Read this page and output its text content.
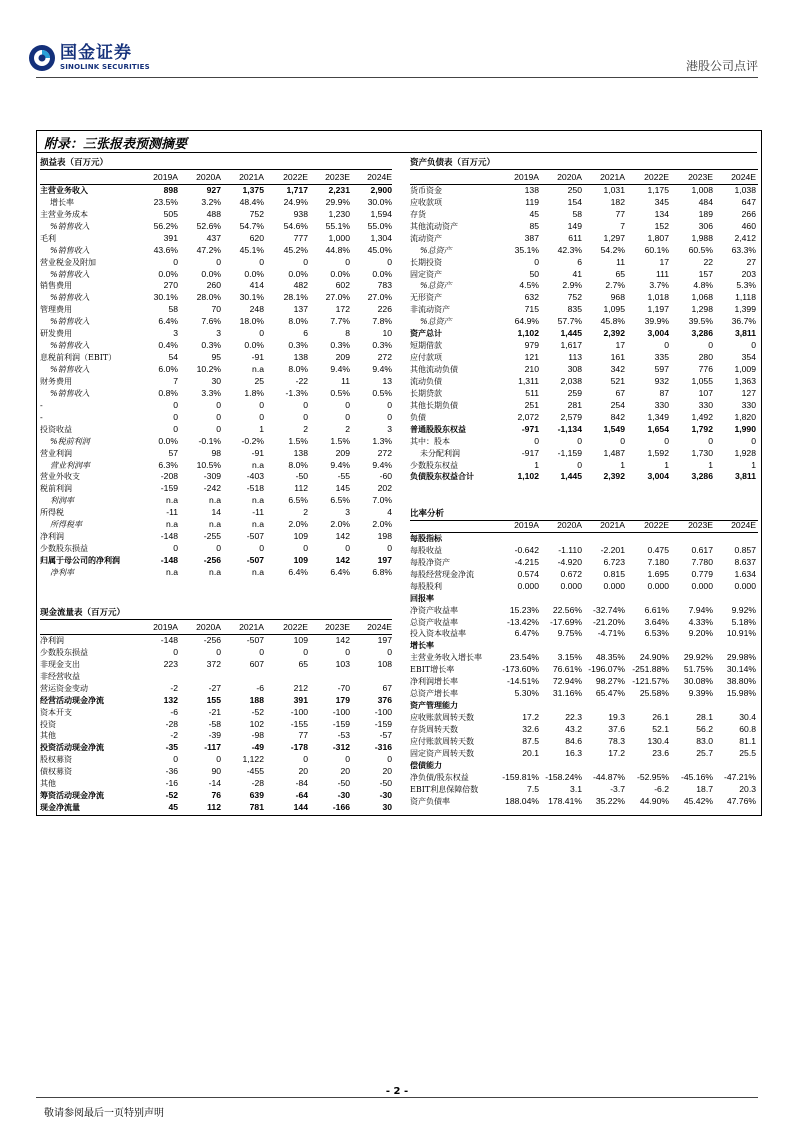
国金证券
SINOLINK SECURITIES	港股公司点评
附录：三张报表预测摘要
损益表（百万元）	资产负债表（百万元）
现金流量表（百万元）
比率分析
2019A	2020A	2021A	2022E	2023E	2024E
主营业务收入	898	927	1,375	1,717	2,231	2,900
增长率	23.5%	3.2%	48.4%	24.9%	29.9%	30.0%
主营业务成本	505	488	752	938	1,230	1,594
%销售收入	56.2%	52.6%	54.7%	54.6%	55.1%	55.0%
毛利	391	437	620	777	1,000	1,304
%销售收入	43.6%	47.2%	45.1%	45.2%	44.8%	45.0%
营业税金及附加	0	0	0	0	0	0
%销售收入	0.0%	0.0%	0.0%	0.0%	0.0%	0.0%
销售费用	270	260	414	482	602	783
%销售收入	30.1%	28.0%	30.1%	28.1%	27.0%	27.0%
管理费用	58	70	248	137	172	226
%销售收入	6.4%	7.6%	18.0%	8.0%	7.7%	7.8%
研发费用	3	3	0	6	8	10
%销售收入	0.4%	0.3%	0.0%	0.3%	0.3%	0.3%
息税前利润（EBIT）	54	95	-91	138	209	272
%销售收入	6.0%	10.2%	n.a	8.0%	9.4%	9.4%
财务费用	7	30	25	-22	11	13
%销售收入	0.8%	3.3%	1.8%	-1.3%	0.5%	0.5%
-	0	0	0	0	0	0
-	0	0	0	0	0	0
投资收益	0	0	1	2	2	3
%税前利润	0.0%	-0.1%	-0.2%	1.5%	1.5%	1.3%
营业利润	57	98	-91	138	209	272
营业利润率	6.3%	10.5%	n.a	8.0%	9.4%	9.4%
营业外收支	-208	-309	-403	-50	-55	-60
税前利润	-159	-242	-518	112	145	202
利润率	n.a	n.a	n.a	6.5%	6.5%	7.0%
所得税	-11	14	-11	2	3	4
所得税率	n.a	n.a	n.a	2.0%	2.0%	2.0%
净利润	-148	-255	-507	109	142	198
少数股东损益	0	0	0	0	0	0
归属于母公司的净利润	-148	-256	-507	109	142	197
净利率	n.a	n.a	n.a	6.4%	6.4%	6.8%
2019A	2020A	2021A	2022E	2023E	2024E
货币资金	138	250	1,031	1,175	1,008	1,038
应收款项	119	154	182	345	484	647
存货	45	58	77	134	189	266
其他流动资产	85	149	7	152	306	460
流动资产	387	611	1,297	1,807	1,988	2,412
%总资产	35.1%	42.3%	54.2%	60.1%	60.5%	63.3%
长期投资	0	6	11	17	22	27
固定资产	50	41	65	111	157	203
%总资产	4.5%	2.9%	2.7%	3.7%	4.8%	5.3%
无形资产	632	752	968	1,018	1,068	1,118
非流动资产	715	835	1,095	1,197	1,298	1,399
%总资产	64.9%	57.7%	45.8%	39.9%	39.5%	36.7%
资产总计	1,102	1,445	2,392	3,004	3,286	3,811
短期借款	979	1,617	17	0	0	0
应付款项	121	113	161	335	280	354
其他流动负债	210	308	342	597	776	1,009
流动负债	1,311	2,038	521	932	1,055	1,363
长期贷款	511	259	67	87	107	127
其他长期负债	251	281	254	330	330	330
负债	2,072	2,579	842	1,349	1,492	1,820
普通股股东权益	-971	-1,134	1,549	1,654	1,792	1,990
其中：股本	0	0	0	0	0	0
未分配利润	-917	-1,159	1,487	1,592	1,730	1,928
少数股东权益	1	0	1	1	1	1
负债股东权益合计	1,102	1,445	2,392	3,004	3,286	3,811
2019A	2020A	2021A	2022E	2023E	2024E
净利润	-148	-256	-507	109	142	197
少数股东损益	0	0	0	0	0	0
非现金支出	223	372	607	65	103	108
非经营收益
营运资金变动	-2	-27	-6	212	-70	67
经营活动现金净流	132	155	188	391	179	376
资本开支	-6	-21	-52	-100	-100	-100
投资	-28	-58	102	-155	-159	-159
其他	-2	-39	-98	77	-53	-57
投资活动现金净流	-35	-117	-49	-178	-312	-316
股权募资	0	0	1,122	0	0	0
债权募资	-36	90	-455	20	20	20
其他	-16	-14	-28	-84	-50	-50
筹资活动现金净流	-52	76	639	-64	-30	-30
现金净流量	45	112	781	144	-166	30
2019A	2020A	2021A	2022E	2023E	2024E
每股指标
每股收益	-0.642	-1.110	-2.201	0.475	0.617	0.857
每股净资产	-4.215	-4.920	6.723	7.180	7.780	8.637
每股经营现金净流	0.574	0.672	0.815	1.695	0.779	1.634
每股股利	0.000	0.000	0.000	0.000	0.000	0.000
回报率
净资产收益率	15.23%	22.56%	-32.74%	6.61%	7.94%	9.92%
总资产收益率	-13.42%	-17.69%	-21.20%	3.64%	4.33%	5.18%
投入资本收益率	6.47%	9.75%	-4.71%	6.53%	9.20%	10.91%
增长率
主营业务收入增长率	23.54%	3.15%	48.35%	24.90%	29.92%	29.98%
EBIT增长率	-173.60%	76.61% -196.07% -251.88%	51.75%	30.14%
净利润增长率	-14.51%	72.94%	98.27% -121.57%	30.08%	38.80%
总资产增长率	5.30%	31.16%	65.47%	25.58%	9.39%	15.98%
资产管理能力
应收账款周转天数	17.2	22.3	19.3	26.1	28.1	30.4
存货周转天数	32.6	43.2	37.6	52.1	56.2	60.8
应付账款周转天数	87.5	84.6	78.3	130.4	83.0	81.1
固定资产周转天数	20.1	16.3	17.2	23.6	25.7	25.5
偿债能力
净负债/股东权益	-159.81% -158.24%	-44.87%	-52.95%	-45.16%	-47.21%
EBIT利息保障倍数	7.5	3.1	-3.7	-6.2	18.7	20.3
资产负债率	188.04%	178.41%	35.22%	44.90%	45.42%	47.76%
- 2 -
敬请参阅最后一页特别声明
